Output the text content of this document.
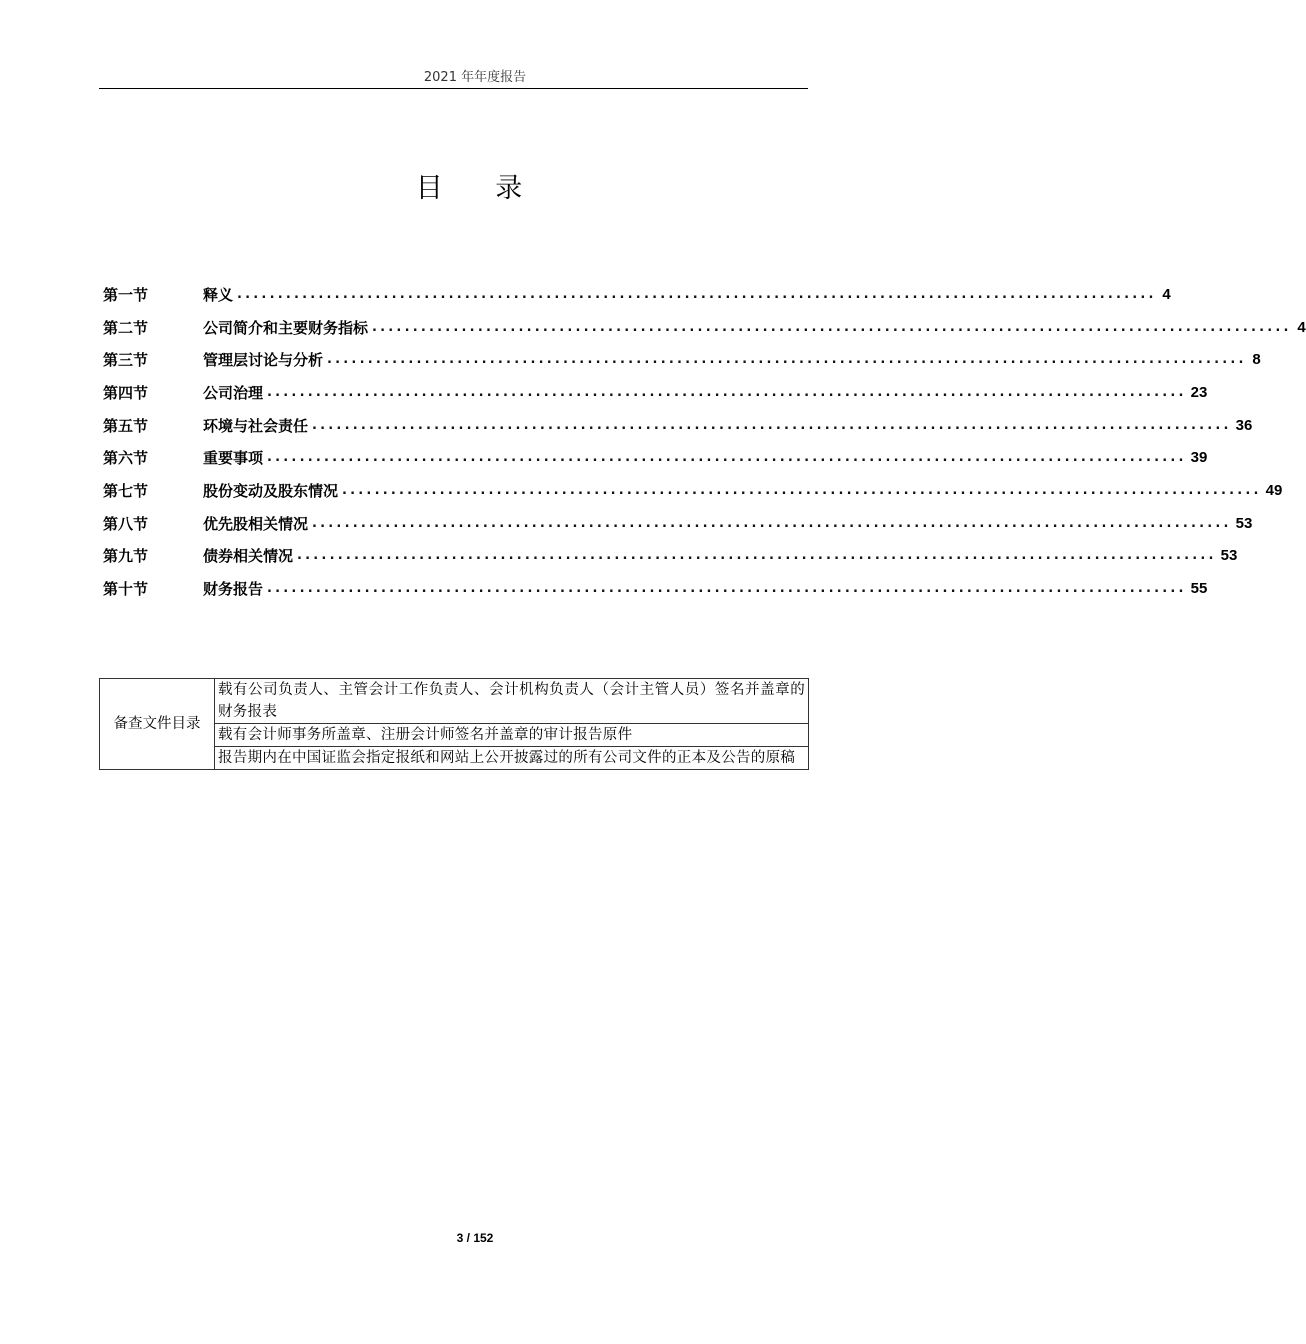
2021 年年度报告
目 录
第一节	释义 ................................................................................................................. 4
第二节	公司简介和主要财务指标 ................................................................................................................. 4
第三节	管理层讨论与分析 ................................................................................................................. 8
第四节	公司治理 ................................................................................................................. 23
第五节	环境与社会责任 ................................................................................................................. 36
第六节	重要事项 ................................................................................................................. 39
第七节	股份变动及股东情况 ................................................................................................................. 49
第八节	优先股相关情况 ................................................................................................................. 53
第九节	债券相关情况 ................................................................................................................. 53
第十节	财务报告 ................................................................................................................. 55
备查文件目录	载有公司负责人、主管会计工作负责人、会计机构负责人（会计主管人员）签名并盖章的财务报表
载有会计师事务所盖章、注册会计师签名并盖章的审计报告原件
报告期内在中国证监会指定报纸和网站上公开披露过的所有公司文件的正本及公告的原稿
3 / 152
